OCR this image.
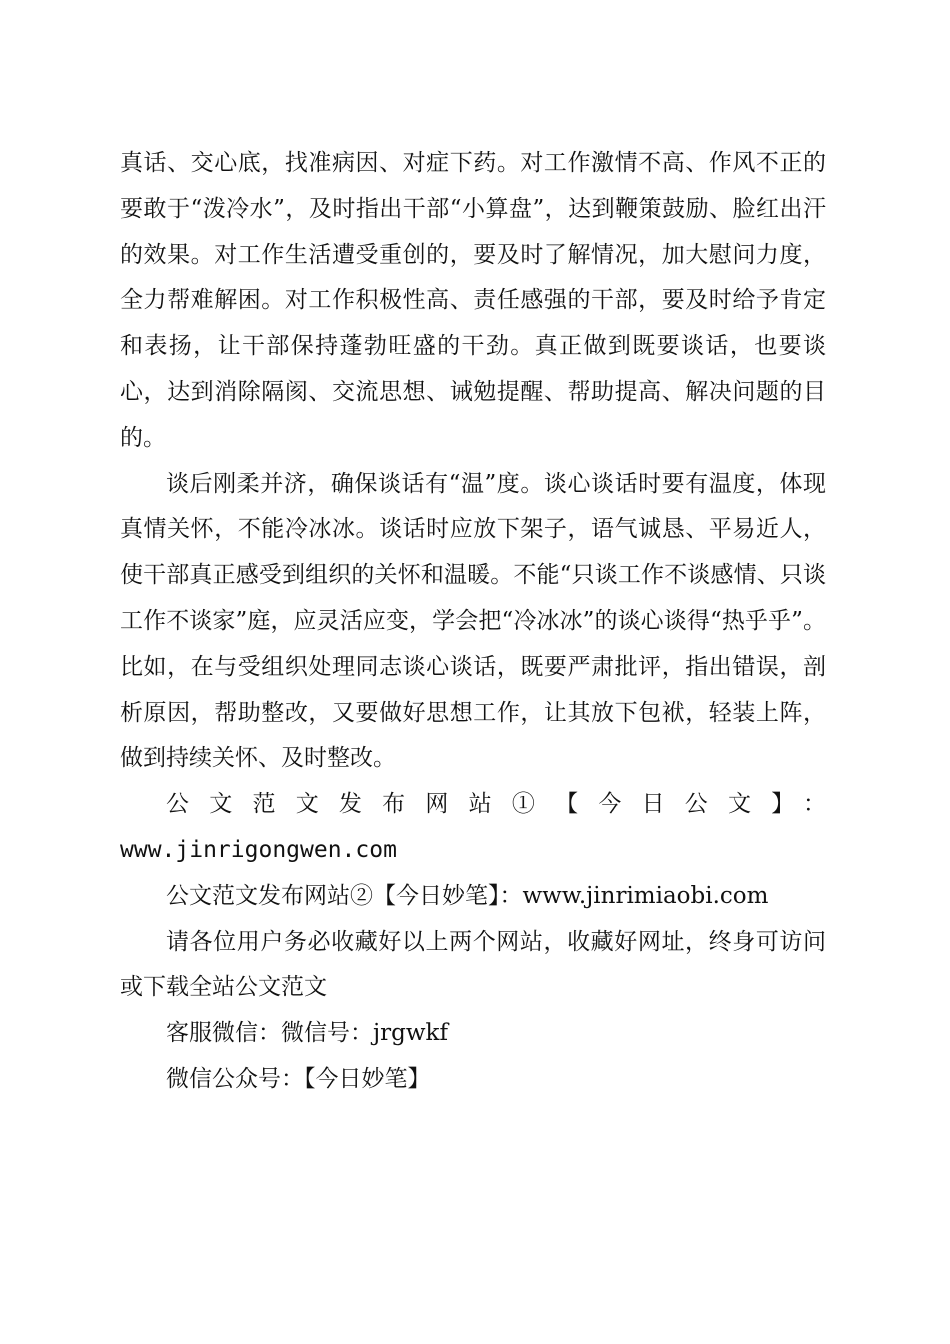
真话、交心底，找准病因、对症下药。对工作激情不高、作风不正的要敢于“泼冷水”，及时指出干部“小算盘”，达到鞭策鼓励、脸红出汗的效果。对工作生活遭受重创的，要及时了解情况，加大慰问力度，全力帮难解困。对工作积极性高、责任感强的干部，要及时给予肯定和表扬，让干部保持蓬勃旺盛的干劲。真正做到既要谈话，也要谈心，达到消除隔阂、交流思想、诫勉提醒、帮助提高、解决问题的目的。

谈后刚柔并济，确保谈话有“温”度。谈心谈话时要有温度，体现真情关怀，不能冷冰冰。谈话时应放下架子，语气诚恳、平易近人，使干部真正感受到组织的关怀和温暖。不能“只谈工作不谈感情、只谈工作不谈家”庭，应灵活应变，学会把“冷冰冰”的谈心谈得“热乎乎”。比如，在与受组织处理同志谈心谈话，既要严肃批评，指出错误，剖析原因，帮助整改，又要做好思想工作，让其放下包袱，轻装上阵，做到持续关怀、及时整改。

公文范文发布网站①【今日公文】：

www.jinrigongwen.com

公文范文发布网站②【今日妙笔】：www.jinrimiaobi.com

请各位用户务必收藏好以上两个网站，收藏好网址，终身可访问或下载全站公文范文

客服微信：微信号：jrgwkf

微信公众号：【今日妙笔】
